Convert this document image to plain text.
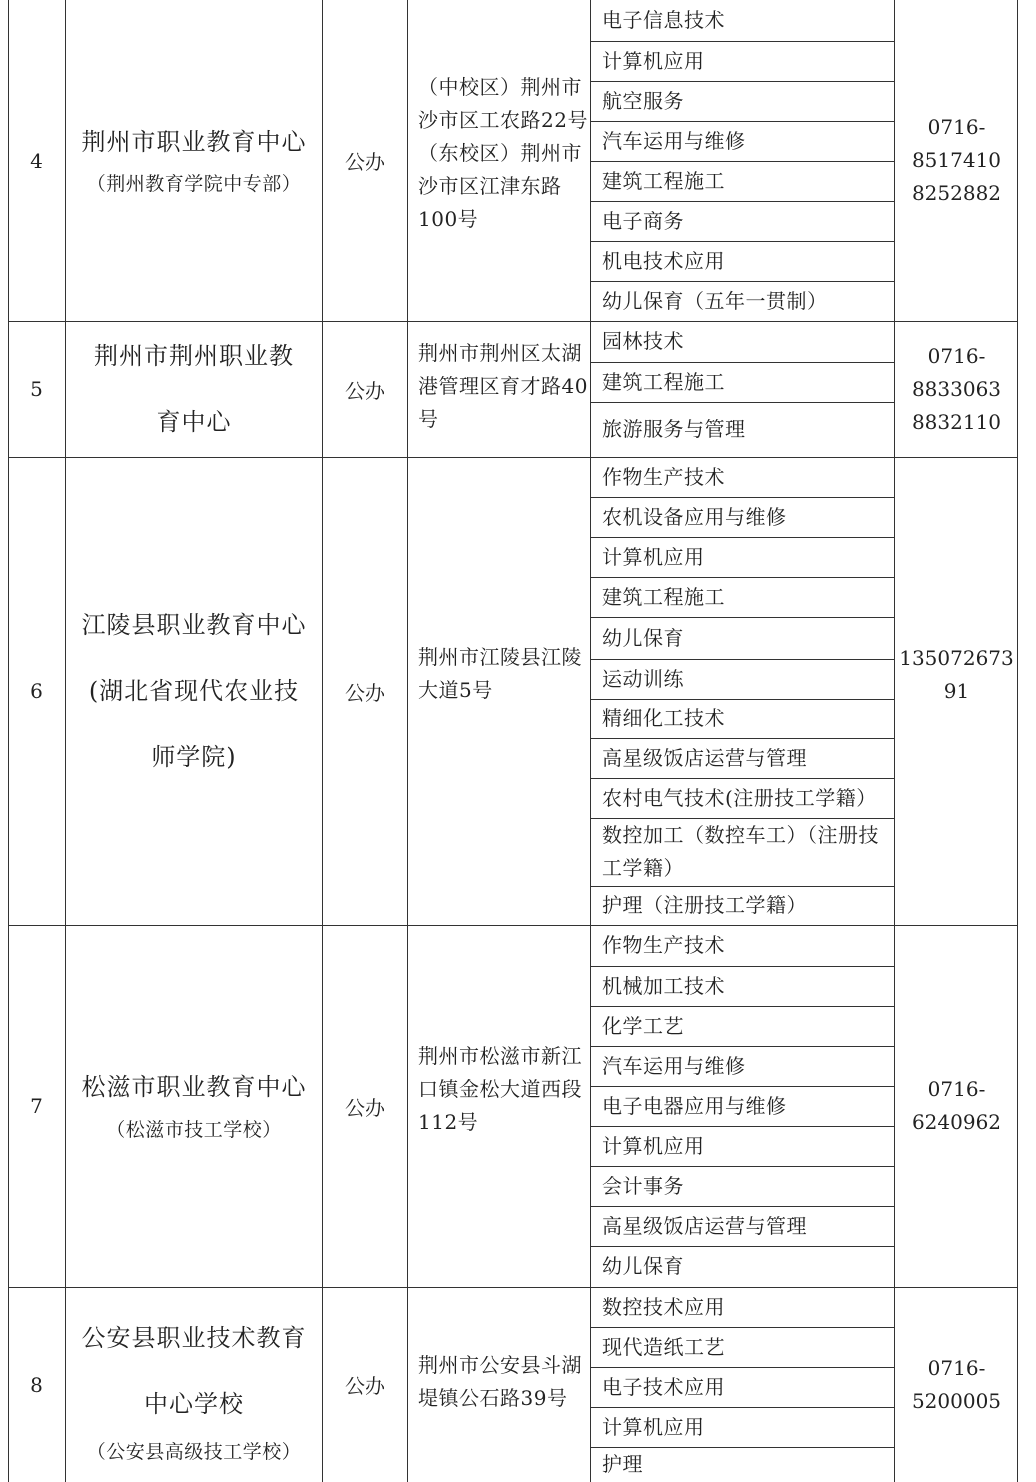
4
荆州市职业教育中心
（荆州教育学院中专部）
公办
（中校区）荆州市沙市区工农路22号
（东校区）荆州市沙市区江津东路100号
电子信息技术
计算机应用
航空服务
汽车运用与维修
建筑工程施工
电子商务
机电技术应用
幼儿保育（五年一贯制）
0716-
8517410
8252882
5
荆州市荆州职业教育中心
公办
荆州市荆州区太湖港管理区育才路40号
园林技术
建筑工程施工
旅游服务与管理
0716-
8833063
8832110
6
江陵县职业教育中心(湖北省现代农业技师学院)
公办
荆州市江陵县江陵大道5号
作物生产技术
农机设备应用与维修
计算机应用
建筑工程施工
幼儿保育
运动训练
精细化工技术
高星级饭店运营与管理
农村电气技术(注册技工学籍）
数控加工（数控车工）（注册技工学籍）
护理（注册技工学籍）
135072673
91
7
松滋市职业教育中心
（松滋市技工学校）
公办
荆州市松滋市新江口镇金松大道西段112号
作物生产技术
机械加工技术
化学工艺
汽车运用与维修
电子电器应用与维修
计算机应用
会计事务
高星级饭店运营与管理
幼儿保育
0716-
6240962
8
公安县职业技术教育中心学校
（公安县高级技工学校）
公办
荆州市公安县斗湖堤镇公石路39号
数控技术应用
现代造纸工艺
电子技术应用
计算机应用
护理
0716-
5200005
